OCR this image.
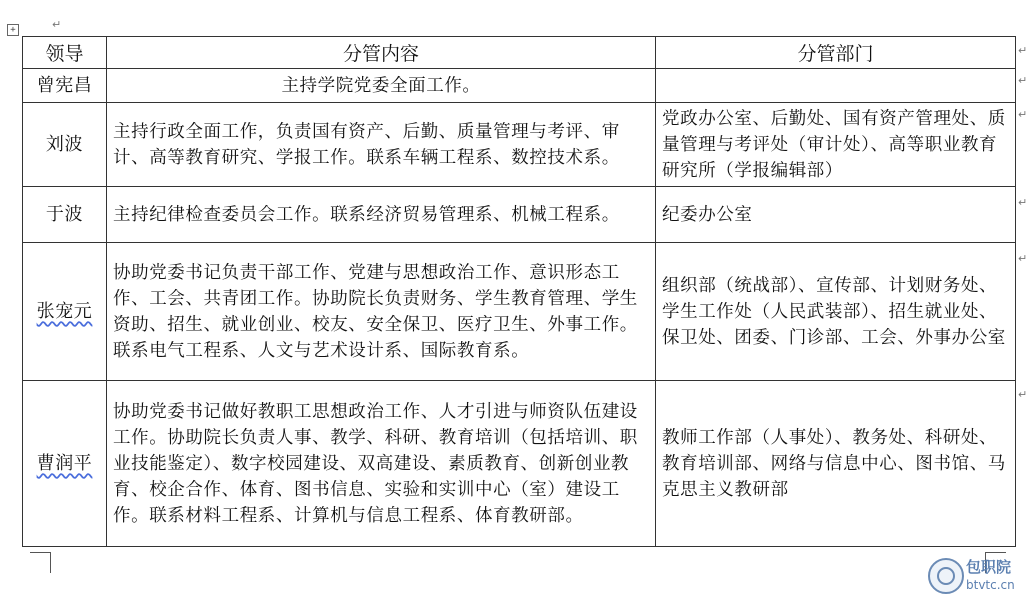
+	↵
领导	分管内容	分管部门
曾宪昌	主持学院党委全面工作。	
刘波	主持行政全面工作，负责国有资产、后勤、质量管理与考评、审计、高等教育研究、学报工作。联系车辆工程系、数控技术系。	党政办公室、后勤处、国有资产管理处、质量管理与考评处（审计处）、高等职业教育研究所（学报编辑部）
于波	主持纪律检查委员会工作。联系经济贸易管理系、机械工程系。	纪委办公室
张宠元	协助党委书记负责干部工作、党建与思想政治工作、意识形态工作、工会、共青团工作。协助院长负责财务、学生教育管理、学生资助、招生、就业创业、校友、安全保卫、医疗卫生、外事工作。联系电气工程系、人文与艺术设计系、国际教育系。	组织部（统战部）、宣传部、计划财务处、学生工作处（人民武装部）、招生就业处、保卫处、团委、门诊部、工会、外事办公室
曹润平	协助党委书记做好教职工思想政治工作、人才引进与师资队伍建设工作。协助院长负责人事、教学、科研、教育培训（包括培训、职业技能鉴定）、数字校园建设、双高建设、素质教育、创新创业教育、校企合作、体育、图书信息、实验和实训中心（室）建设工作。联系材料工程系、计算机与信息工程系、体育教研部。	教师工作部（人事处）、教务处、科研处、教育培训部、网络与信息中心、图书馆、马克思主义教研部
↵
↵
↵
↵
↵
↵
包职院
btvtc.cn
